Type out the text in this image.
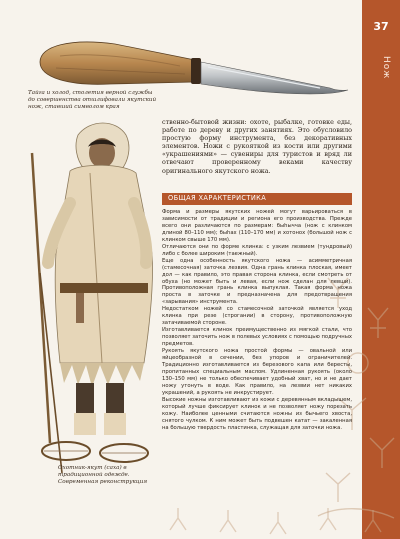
37
Нож
Тайга и холод, столетия верной службы до совершенства отшлифовали якутский нож, ставший символом края
Охотник-якут (саха) в традиционной одежде. Современная реконструкция
ственно-бытовой жизни: охоте, рыбалке, готовке еды, работе по дереву и других занятиях. Это обусловило простую форму инструмента, без декоративных элементов. Ножи с рукояткой из кости или другими «украшениями» — сувениры для туристов и вряд ли отвечают проверенному веками качеству оригинального якутского ножа.
ОБЩАЯ ХАРАКТЕРИСТИКА

Форма и размеры якутских ножей могут варьироваться в зависимости от традиции и региона его производства. Прежде всего они различаются по размерам: быhычча (нож с клинком длиной 80–110 мм); быhах (110–170 мм) и хотонох (большой нож с клинком свыше 170 мм).

Отличаются они по форме клинка: с узким лезвием (тундровый) либо с более широким (таежный).

Еще одна особенность якутского ножа — асимметричная (стамесочная) заточка лезвия. Одна грань клинка плоская, имеет дол — как правило, это правая сторона клинка, если смотреть от обуха (но может быть и левая, если нож сделан для левши). Противоположная грань клинка выпуклая. Такая форма ножа проста в заточке и предназначена для предотвращения «зарывания» инструмента.

Недостатком ножей со стамесочной заточкой является уход клинка при резе (строгании) в сторону, противоположную затачиваемой стороне.

Изготавливается клинок преимущественно из мягкой стали, что позволяет заточить нож в полевых условиях с помощью подручных предметов.

Рукоять якутского ножа простой формы — овальной или яйцеобразной в сечении, без упоров и ограничителей. Традиционно изготавливается из березового капа или бересты, пропитанных специальным маслом. Удлиненная рукоять (около 130–150 мм) не только обеспечивает удобный хват, но и не дает ножу утонуть в воде. Как правило, на лезвии нет никаких украшений, а рукоять не инкрустирует.

Высокие ножны изготавливают из кожи с деревянным вкладышем, который лучше фиксирует клинок и не позволяет ножу порезать кожу. Наиболее ценными считаются ножны из бычьего хвоста, снятого чулком. К ним может быть подвешен катат — закаленная на большую твердость пластинка, служащая для заточки ножа.
